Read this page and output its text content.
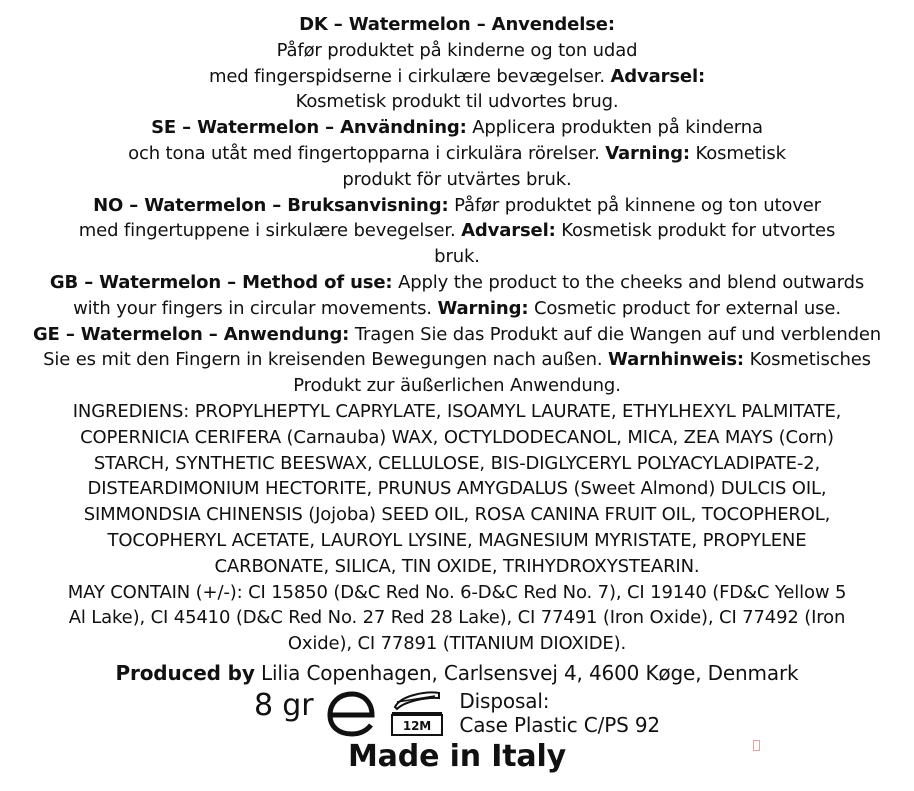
DK – Watermelon – Anvendelse:
Påfør produktet på kinderne og ton udad
med fingerspidserne i cirkulære bevægelser. Advarsel:
Kosmetisk produkt til udvortes brug.
SE – Watermelon – Användning: Applicera produkten på kinderna
och tona utåt med fingertopparna i cirkulära rörelser. Varning: Kosmetisk
produkt för utvärtes bruk.
NO – Watermelon – Bruksanvisning: Påfør produktet på kinnene og ton utover
med fingertuppene i sirkulære bevegelser. Advarsel: Kosmetisk produkt for utvortes
bruk.
GB – Watermelon – Method of use: Apply the product to the cheeks and blend outwards
with your fingers in circular movements. Warning: Cosmetic product for external use.
GE – Watermelon – Anwendung: Tragen Sie das Produkt auf die Wangen auf und verblenden
Sie es mit den Fingern in kreisenden Bewegungen nach außen. Warnhinweis: Kosmetisches
Produkt zur äußerlichen Anwendung.
INGREDIENS: PROPYLHEPTYL CAPRYLATE, ISOAMYL LAURATE, ETHYLHEXYL PALMITATE,
COPERNICIA CERIFERA (Carnauba) WAX, OCTYLDODECANOL, MICA, ZEA MAYS (Corn)
STARCH, SYNTHETIC BEESWAX, CELLULOSE, BIS-DIGLYCERYL POLYACYLADIPATE-2,
DISTEARDIMONIUM HECTORITE, PRUNUS AMYGDALUS (Sweet Almond) DULCIS OIL,
SIMMONDSIA CHINENSIS (Jojoba) SEED OIL, ROSA CANINA FRUIT OIL, TOCOPHEROL,
TOCOPHERYL ACETATE, LAUROYL LYSINE, MAGNESIUM MYRISTATE, PROPYLENE
CARBONATE, SILICA, TIN OXIDE, TRIHYDROXYSTEARIN.
MAY CONTAIN (+/-): CI 15850 (D&C Red No. 6-D&C Red No. 7), CI 19140 (FD&C Yellow 5
Al Lake), CI 45410 (D&C Red No. 27 Red 28 Lake), CI 77491 (Iron Oxide), CI 77492 (Iron
Oxide), CI 77891 (TITANIUM DIOXIDE).
Produced by Lilia Copenhagen, Carlsensvej 4, 4600 Køge, Denmark
8 gr
12M
Disposal:
Case Plastic C/PS 92
Made in Italy
